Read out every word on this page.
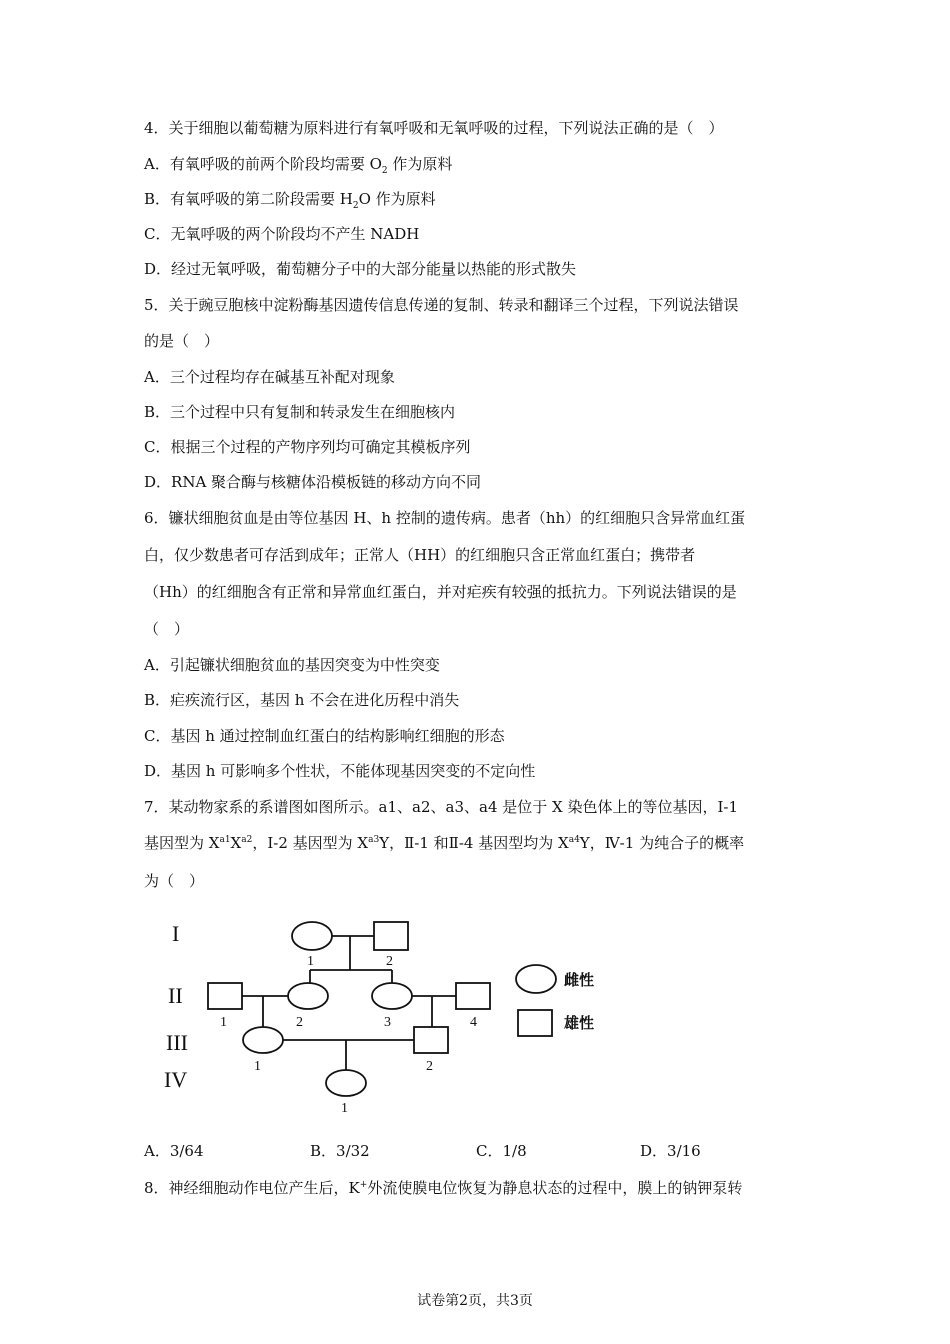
4．关于细胞以葡萄糖为原料进行有氧呼吸和无氧呼吸的过程，下列说法正确的是（　）
A．有氧呼吸的前两个阶段均需要 $O_2$ 作为原料
B．有氧呼吸的第二阶段需要 $H_2O$ 作为原料
C．无氧呼吸的两个阶段均不产生 NADH
D．经过无氧呼吸，葡萄糖分子中的大部分能量以热能的形式散失
5．关于豌豆胞核中淀粉酶基因遗传信息传递的复制、转录和翻译三个过程，下列说法错误
的是（　）
A．三个过程均存在碱基互补配对现象
B．三个过程中只有复制和转录发生在细胞核内
C．根据三个过程的产物序列均可确定其模板序列
D．RNA 聚合酶与核糖体沿模板链的移动方向不同
6．镰状细胞贫血是由等位基因 H、h 控制的遗传病。患者（hh）的红细胞只含异常血红蛋
白，仅少数患者可存活到成年；正常人（HH）的红细胞只含正常血红蛋白；携带者
（Hh）的红细胞含有正常和异常血红蛋白，并对疟疾有较强的抵抗力。下列说法错误的是
（　）
A．引起镰状细胞贫血的基因突变为中性突变
B．疟疾流行区，基因 h 不会在进化历程中消失
C．基因 h 通过控制血红蛋白的结构影响红细胞的形态
D．基因 h 可影响多个性状，不能体现基因突变的不定向性
7．某动物家系的系谱图如图所示。a1、a2、a3、a4 是位于 X 染色体上的等位基因，Ⅰ-1
基因型为 $X^{a1}X^{a2}$，Ⅰ-2 基因型为 $X^{a3}Y$，Ⅱ-1 和Ⅱ-4 基因型均为 $X^{a4}Y$，Ⅳ-1 为纯合子的概率
为（　）
I
II
III
IV
1	2
1	2	3	4
1	2
1
雌性
雄性
A．3/64	B．3/32	C．1/8	D．3/16
8．神经细胞动作电位产生后，K+外流使膜电位恢复为静息状态的过程中，膜上的钠钾泵转
试卷第2页，共3页
